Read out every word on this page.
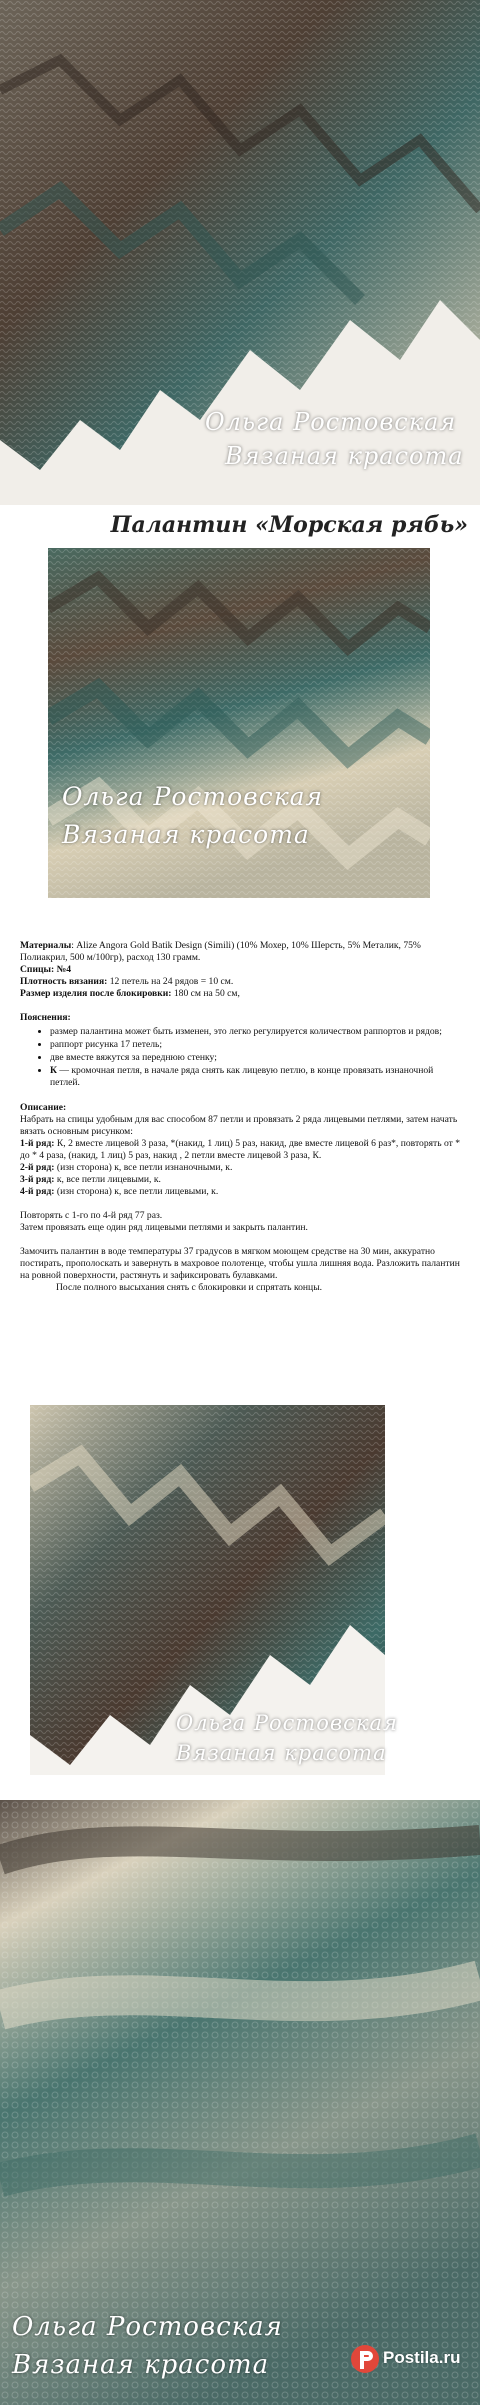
Ольга Ростовская
Вязаная красота
Палантин «Морская рябь»
Ольга Ростовская
Вязаная красота

Материалы: Alize Angora Gold Batik Design (Simili) (10% Мохер, 10% Шерсть, 5% Металик, 75% Полиакрил, 500 м/100гр), расход 130 грамм.

Спицы: №4

Плотность вязания: 12 петель на 24 рядов = 10 см.

Размер изделия после блокировки: 180 см на 50 см,

Пояснения:

• размер палантина может быть изменен, это легко регулируется количеством раппортов и рядов;
• раппорт рисунка 17 петель;
• две вместе вяжутся за переднюю стенку;
• К — кромочная петля, в начале ряда снять как лицевую петлю, в конце провязать изнаночной петлей.

Описание:

Набрать на спицы удобным для вас способом 87 петли и провязать 2 ряда лицевыми петлями, затем начать вязать основным рисунком:

1-й ряд: К, 2 вместе лицевой 3 раза, *(накид, 1 лиц) 5 раз, накид, две вместе лицевой 6 раз*, повторять от * до * 4 раза, (накид, 1 лиц) 5 раз, накид , 2 петли вместе лицевой 3 раза, К.

2-й ряд: (изн сторона) к, все петли изнаночными, к.

3-й ряд: к, все петли лицевыми, к.

4-й ряд: (изн сторона) к, все петли лицевыми, к.

Повторять с 1-го по 4-й ряд 77 раз.

Затем провязать еще один ряд лицевыми петлями и закрыть палантин.

Замочить палантин в воде температуры 37 градусов в мягком моющем средстве на 30 мин, аккуратно постирать, прополоскать и завернуть в махровое полотенце, чтобы ушла лишняя вода. Разложить палантин на ровной поверхности, растянуть и зафиксировать булавками.

После полного высыхания снять с блокировки и спрятать концы.

Ольга Ростовская
Вязаная красота
Ольга Ростовская
Вязаная красота	Postila.ru
